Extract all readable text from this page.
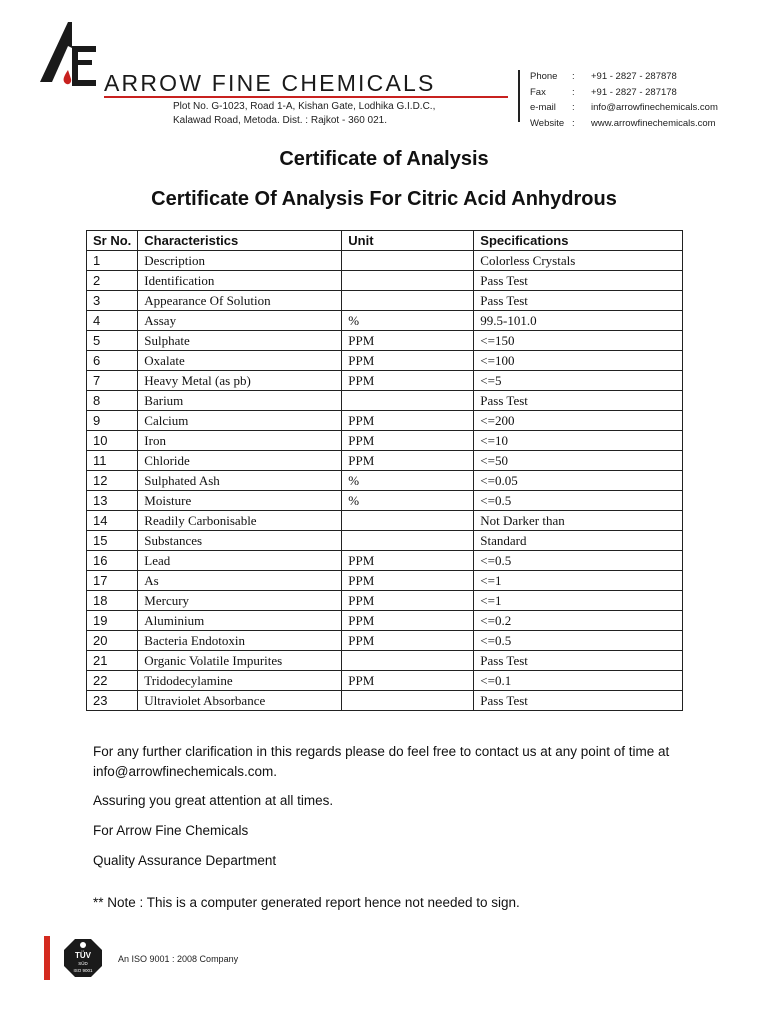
ARROW FINE CHEMICALS
Plot No. G-1023, Road 1-A, Kishan Gate, Lodhika G.I.D.C.,
Kalawad Road, Metoda. Dist. : Rajkot - 360 021.
Phone : +91 - 2827 - 287878
Fax	: +91 - 2827 - 287178
e-mail : info@arrowfinechemicals.com
Website : www.arrowfinechemicals.com
Certificate of Analysis
Certificate Of Analysis For Citric Acid Anhydrous
Sr No.	Characteristics	Unit	Specifications
1	Description		Colorless Crystals
2	Identification		Pass Test
3	Appearance Of Solution		Pass Test
4	Assay	%	99.5-101.0
5	Sulphate	PPM	<=150
6	Oxalate	PPM	<=100
7	Heavy Metal (as pb)	PPM	<=5
8	Barium		Pass Test
9	Calcium	PPM	<=200
10	Iron	PPM	<=10
11	Chloride	PPM	<=50
12	Sulphated Ash	%	<=0.05
13	Moisture	%	<=0.5
14	Readily Carbonisable		Not Darker than
15	Substances		Standard
16	Lead	PPM	<=0.5
17	As	PPM	<=1
18	Mercury	PPM	<=1
19	Aluminium	PPM	<=0.2
20	Bacteria Endotoxin	PPM	<=0.5
21	Organic Volatile Impurites		Pass Test
22	Tridodecylamine	PPM	<=0.1
23	Ultraviolet Absorbance		Pass Test
For any further clarification in this regards please do feel free to contact us at any point of time at info@arrowfinechemicals.com.
Assuring you great attention at all times.
For Arrow Fine Chemicals
Quality Assurance Department
** Note : This is a computer generated report hence not needed to sign.
TÜV
SÜD
ISO 9001
An ISO 9001 : 2008 Company
